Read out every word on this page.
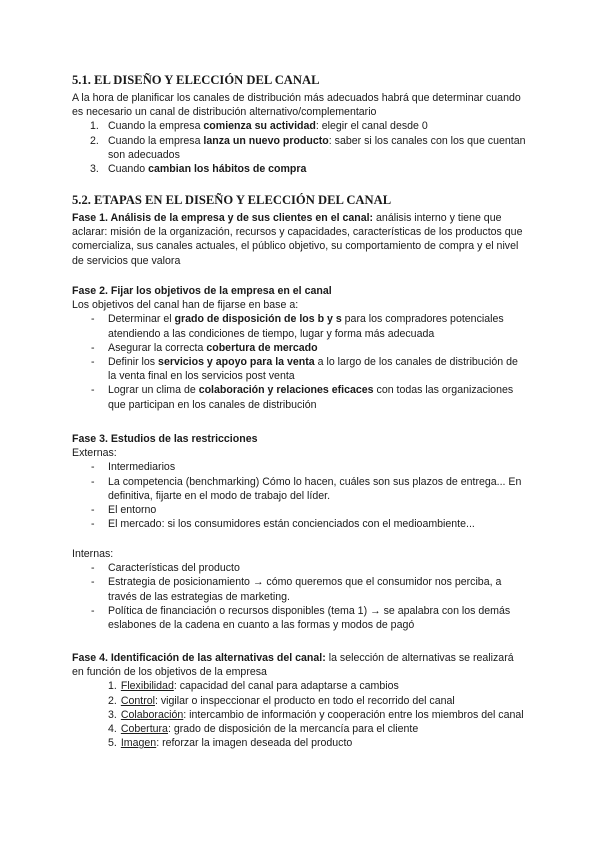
5.1. EL DISEÑO Y ELECCIÓN DEL CANAL

A la hora de planificar los canales de distribución más adecuados habrá que determinar cuando es necesario un canal de distribución alternativo/complementario

1. Cuando la empresa comienza su actividad: elegir el canal desde 0
2. Cuando la empresa lanza un nuevo producto: saber si los canales con los que cuentan son adecuados
3. Cuando cambian los hábitos de compra
5.2. ETAPAS EN EL DISEÑO Y ELECCIÓN DEL CANAL

Fase 1. Análisis de la empresa y de sus clientes en el canal: análisis interno y tiene que aclarar: misión de la organización, recursos y capacidades, características de los productos que comercializa, sus canales actuales, el público objetivo, su comportamiento de compra y el nivel de servicios que valora

Fase 2. Fijar los objetivos de la empresa en el canal

Los objetivos del canal han de fijarse en base a:

- Determinar el grado de disposición de los b y s para los compradores potenciales atendiendo a las condiciones de tiempo, lugar y forma más adecuada
- Asegurar la correcta cobertura de mercado
- Definir los servicios y apoyo para la venta a lo largo de los canales de distribución de la venta final en los servicios post venta
- Lograr un clima de colaboración y relaciones eficaces con todas las organizaciones que participan en los canales de distribución

Fase 3. Estudios de las restricciones

Externas:

- Intermediarios
- La competencia (benchmarking) Cómo lo hacen, cuáles son sus plazos de entrega... En definitiva, fijarte en el modo de trabajo del líder.
- El entorno
- El mercado: si los consumidores están concienciados con el medioambiente...

Internas:

- Características del producto
- Estrategia de posicionamiento → cómo queremos que el consumidor nos perciba, a través de las estrategias de marketing.
- Política de financiación o recursos disponibles (tema 1) → se apalabra con los demás eslabones de la cadena en cuanto a las formas y modos de pagó

Fase 4. Identificación de las alternativas del canal: la selección de alternativas se realizará en función de los objetivos de la empresa

1. Flexibilidad: capacidad del canal para adaptarse a cambios
2. Control: vigilar o inspeccionar el producto en todo el recorrido del canal
3. Colaboración: intercambio de información y cooperación entre los miembros del canal
4. Cobertura: grado de disposición de la mercancía para el cliente
5. Imagen: reforzar la imagen deseada del producto
